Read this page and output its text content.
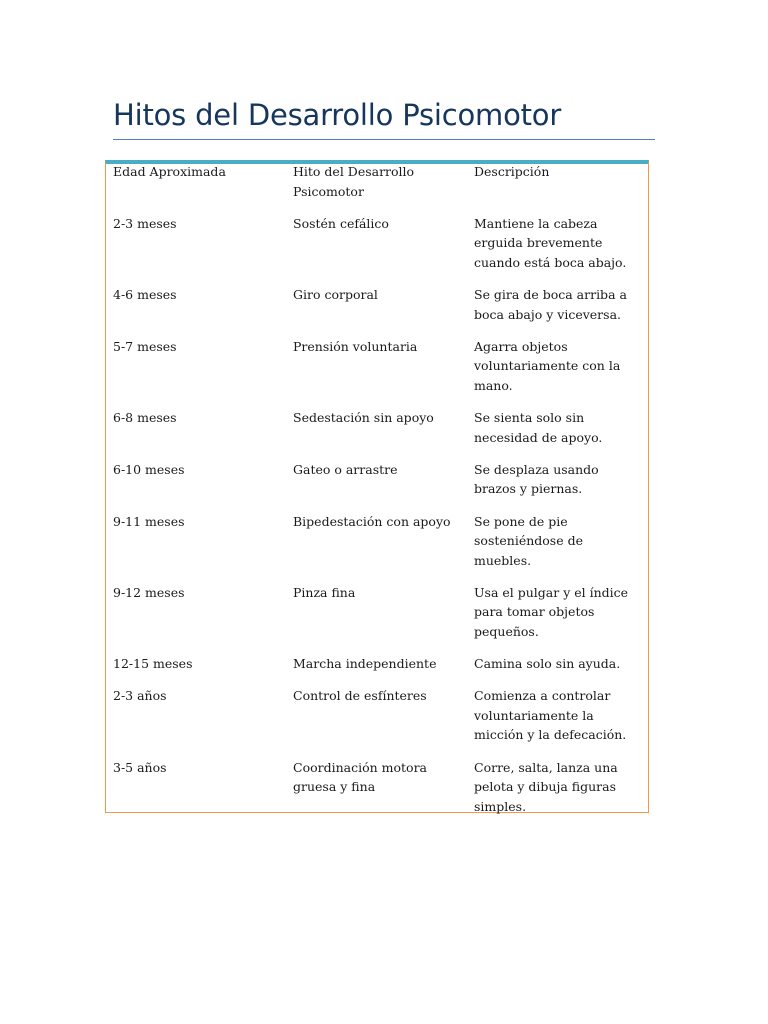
Hitos del Desarrollo Psicomotor
Edad Aproximada	Hito del Desarrollo Psicomotor	Descripción
2-3 meses	Sostén cefálico	Mantiene la cabeza erguida brevemente cuando está boca abajo.
4-6 meses	Giro corporal	Se gira de boca arriba a boca abajo y viceversa.
5-7 meses	Prensión voluntaria	Agarra objetos voluntariamente con la mano.
6-8 meses	Sedestación sin apoyo	Se sienta solo sin necesidad de apoyo.
6-10 meses	Gateo o arrastre	Se desplaza usando brazos y piernas.
9-11 meses	Bipedestación con apoyo	Se pone de pie sosteniéndose de muebles.
9-12 meses	Pinza fina	Usa el pulgar y el índice para tomar objetos pequeños.
12-15 meses	Marcha independiente	Camina solo sin ayuda.
2-3 años	Control de esfínteres	Comienza a controlar voluntariamente la micción y la defecación.
3-5 años	Coordinación motora gruesa y fina	Corre, salta, lanza una pelota y dibuja figuras simples.
